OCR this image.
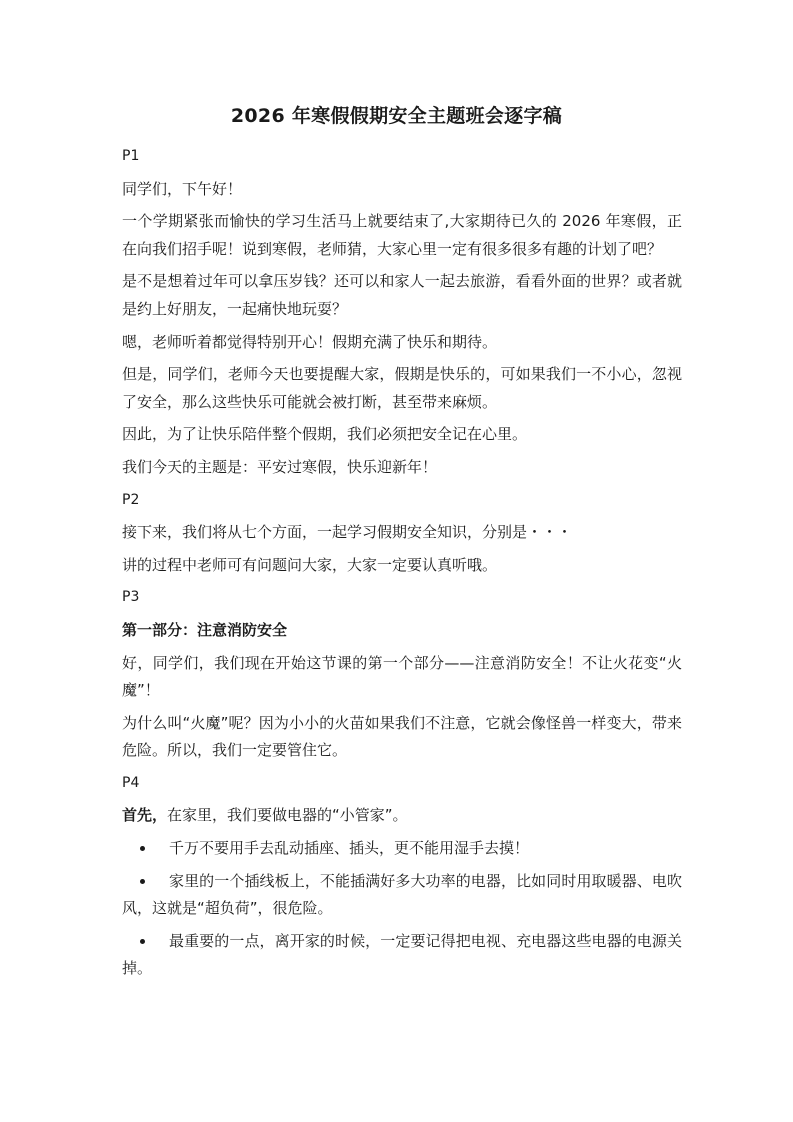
2026 年寒假假期安全主题班会逐字稿

P1

同学们，下午好！

一个学期紧张而愉快的学习生活马上就要结束了,大家期待已久的 2026 年寒假，正在向我们招手呢！说到寒假，老师猜，大家心里一定有很多很多有趣的计划了吧？

是不是想着过年可以拿压岁钱？还可以和家人一起去旅游，看看外面的世界？或者就是约上好朋友，一起痛快地玩耍？

嗯，老师听着都觉得特别开心！假期充满了快乐和期待。

但是，同学们，老师今天也要提醒大家，假期是快乐的，可如果我们一不小心，忽视了安全，那么这些快乐可能就会被打断，甚至带来麻烦。

因此，为了让快乐陪伴整个假期，我们必须把安全记在心里。

我们今天的主题是：平安过寒假，快乐迎新年！

P2

接下来，我们将从七个方面，一起学习假期安全知识，分别是・・・

讲的过程中老师可有问题问大家，大家一定要认真听哦。

P3

第一部分：注意消防安全

好，同学们，我们现在开始这节课的第一个部分——注意消防安全！不让火花变“火魔”！

为什么叫“火魔”呢？因为小小的火苗如果我们不注意，它就会像怪兽一样变大，带来危险。所以，我们一定要管住它。

P4

首先，在家里，我们要做电器的“小管家”。

千万不要用手去乱动插座、插头，更不能用湿手去摸！
家里的一个插线板上，不能插满好多大功率的电器，比如同时用取暖器、电吹风，这就是“超负荷”，很危险。
最重要的一点，离开家的时候，一定要记得把电视、充电器这些电器的电源关掉。
